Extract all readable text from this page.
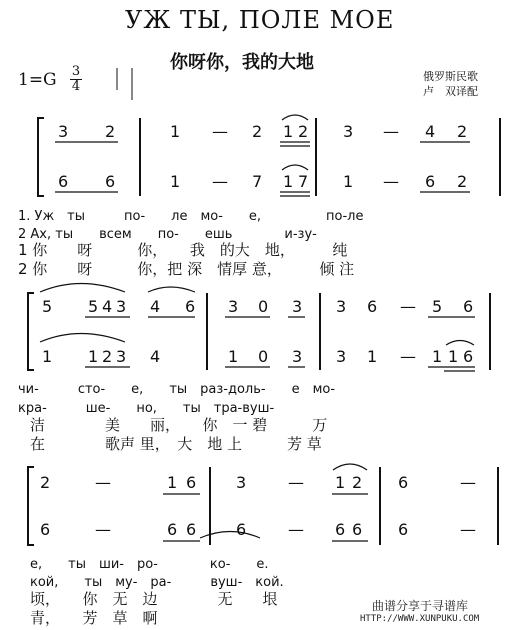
УЖ ТЫ, ПОЛЕ МОЕ
你呀你，我的大地
1=G 3
4
俄罗斯民歌
卢　双译配
3 2	1 — 2 1 2 3 — 4 2
6 6	1 — 7 1 7 1 — 6 2
1. Уж　ты　　　по-　　ле　мо-　　е,　　　　　по-ле
2 Ах, ты　　всем　　по-　　ешь　　　　и-зу-
1 你　　呀　　　你，　　我　的大　地，　　　纯
2 你　　呀　　　你，把 深　情厚 意，　　　倾 注
5 5 4 3 4 6 3 0 3 3 6 — 5 6
1 1 2 3 4	1 0 3 3 1 — 1 1 6
чи-　　　сто-　　е,　　ты　раз-доль-　　е　мо-
кра-　　　ше-　　но,　　ты　тра-вуш-
洁　　　　美　　丽，　　你　一 碧　　　万
在　　　　歌声 里，　大　地 上　　　芳 草
2	—	1 6 3	— 1 2 6	—
6	—	6 6 6	— 6 6 6	—
е,　　ты　ши-　ро-　　　　ко-　　е.
кой,　　ты　му-　ра-　　　вуш-　кой.
顷，　　你　无　边　　　　无　　垠
青，　　芳　草　啊
曲谱分享于寻谱库
HTTP://WWW.XUNPUKU.COM
